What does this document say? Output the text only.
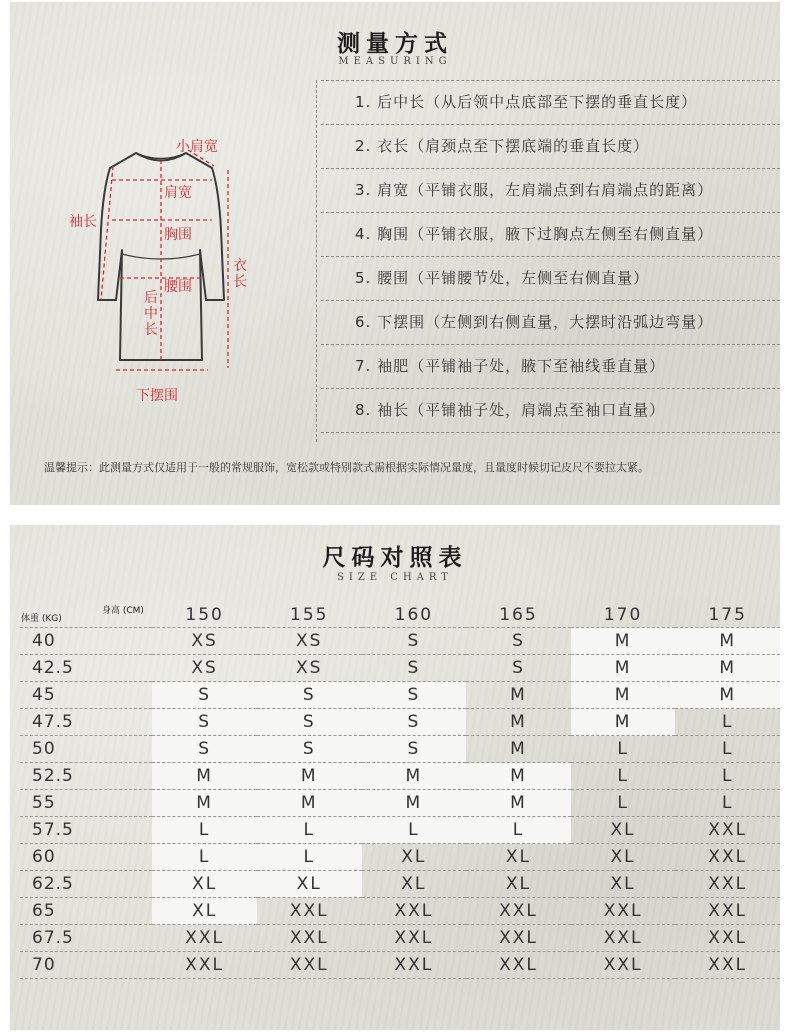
测量方式
MEASURING
小肩宽
肩宽
胸围
腰围
袖长
衣长
后中长
下摆围
1. 后中长（从后领中点底部至下摆的垂直长度）
2. 衣长（肩颈点至下摆底端的垂直长度）
3. 肩宽（平铺衣服，左肩端点到右肩端点的距离）
4. 胸围（平铺衣服，腋下过胸点左侧至右侧直量）
5. 腰围（平铺腰节处，左侧至右侧直量）
6. 下摆围（左侧到右侧直量，大摆时沿弧边弯量）
7. 袖肥（平铺袖子处，腋下至袖线垂直量）
8. 袖长（平铺袖子处，肩端点至袖口直量）
温馨提示：此测量方式仅适用于一般的常规服饰，宽松款或特别款式需根据实际情况量度，且量度时候切记皮尺不要拉太紧。
尺码对照表
SIZE CHART
体重 (KG)
身高 (CM)	150	155	160	165	170	175
40	XS	XS	S	S	M	M
42.5	XS	XS	S	S	M	M
45	S	S	S	M	M	M
47.5	S	S	S	M	M	L
50	S	S	S	M	L	L
52.5	M	M	M	M	L	L
55	M	M	M	M	L	L
57.5	L	L	L	L	XL	XXL
60	L	L	XL	XL	XL	XXL
62.5	XL	XL	XL	XL	XL	XXL
65	XL	XXL	XXL	XXL	XXL	XXL
67.5	XXL	XXL	XXL	XXL	XXL	XXL
70	XXL	XXL	XXL	XXL	XXL	XXL
